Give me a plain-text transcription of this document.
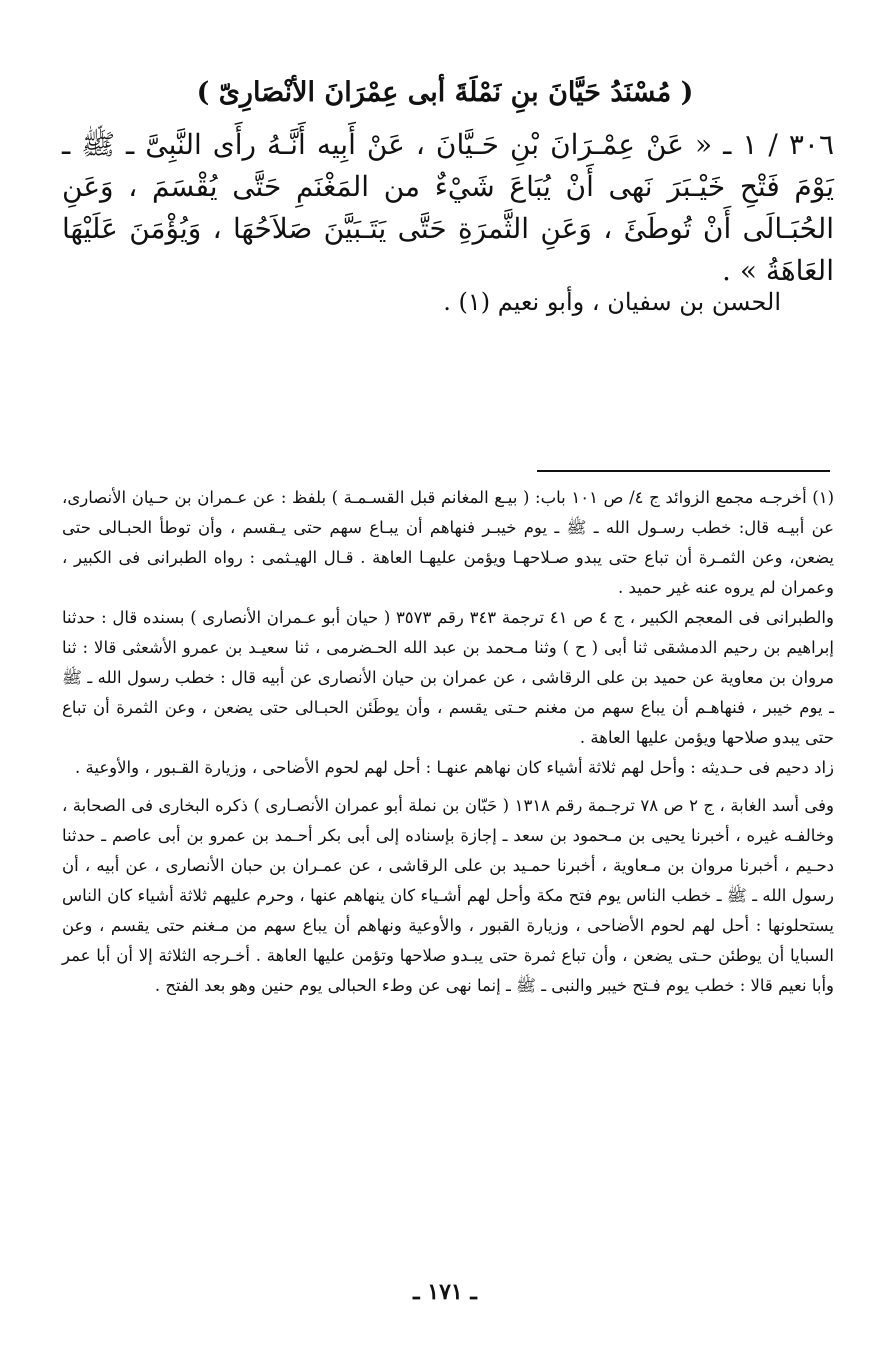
( مُسْنَدُ حَيَّانَ بنِ نَمْلَةَ أبى عِمْرَانَ الأنْصَارِىّ )

٣٠٦ / ١ ـ « عَنْ عِمْـرَانَ بْنِ حَـيَّانَ ، عَنْ أَبِيه أَنَّـهُ رأَى النَّبِىَّ ـ ﷺ ـ يَوْمَ فَتْحِ خَيْـبَرَ نَهى أَنْ يُبَاعَ شَيْءٌ من المَغْنَمِ حَتَّى يُقْسَمَ ، وَعَنِ الحُبَـالَى أَنْ تُوطَئَ ، وَعَنِ الثَّمرَةِ حَتَّى يَتَـبَيَّنَ صَلاَحُهَا ، وَيُؤْمَنَ عَلَيْهَا العَاهَةُ » .

الحسن بن سفيان ، وأبو نعيم (١) .

(١) أخرجـه مجمع الزوائد ج ٤/ ص ١٠١ باب: ( بيـع المغانم قبل القسـمـة ) بلفظ : عن عـمران بن حـيان الأنصارى، عن أبيـه قال: خطب رسـول الله ـ ﷺ ـ يوم خيبـر فنهاهم أن يبـاع سهم حتى يـقسم ، وأن توطأ الحبـالى حتى يضعن، وعن الثمـرة أن تباع حتى يبدو صـلاحهـا ويؤمن عليهـا العاهة . قـال الهيـثمى : رواه الطبرانى فى الكبير ، وعمران لم يروه عنه غير حميد .

والطبرانى فى المعجم الكبير ، ج ٤ ص ٤١ ترجمة ٣٤٣ رقم ٣٥٧٣ ( حيان أبو عـمران الأنصارى ) بسنده قال : حدثنا إبراهيم بن رحيم الدمشقى ثنا أبى ( ح ) وثنا مـحمد بن عبد الله الحـضرمى ، ثنا سعيـد بن عمرو الأشعثى قالا : ثنا مروان بن معاوية عن حميد بن على الرقاشى ، عن عمران بن حيان الأنصارى عن أبيه قال : خطب رسول الله ـ ﷺ ـ يوم خيبر ، فنهاهـم أن يباع سهم من مغنم حـتى يقسم ، وأن يوطَئن الحبـالى حتى يضعن ، وعن الثمرة أن تباع حتى يبدو صلاحها ويؤمن عليها العاهة .

زاد دحيم فى حـديثه : وأحل لهم ثلاثة أشياء كان نهاهم عنهـا : أحل لهم لحوم الأضاحى ، وزيارة القـبور ، والأوعية .

وفى أسد الغابة ، ج ٢ ص ٧٨ ترجـمة رقم ١٣١٨ ( حَبّان بن نملة أبو عمران الأنصـارى ) ذكره البخارى فى الصحابة ، وخالفـه غيره ، أخبرنا يحيى بن مـحمود بن سعد ـ إجازة بإسناده إلى أبى بكر أحـمد بن عمرو بن أبى عاصم ـ حدثنا دحـيم ، أخبرنا مروان بن مـعاوية ، أخبرنا حمـيد بن على الرقاشى ، عن عمـران بن حبان الأنصارى ، عن أبيه ، أن رسول الله ـ ﷺ ـ خطب الناس يوم فتح مكة وأحل لهم أشـياء كان ينهاهم عنها ، وحرم عليهم ثلاثة أشياء كان الناس يستحلونها : أحل لهم لحوم الأضاحى ، وزيارة القبور ، والأوعية ونهاهم أن يباع سهم من مـغنم حتى يقسم ، وعن السبايا أن يوطئن حـتى يضعن ، وأن تباع ثمرة حتى يبـدو صلاحها وتؤمن عليها العاهة . أخـرجه الثلاثة إلا أن أبا عمر وأبا نعيم قالا : خطب يوم فـتح خيبر والنبى ـ ﷺ ـ إنما نهى عن وطء الحبالى يوم حنين وهو بعد الفتح .

ـ ١٧١ ـ
